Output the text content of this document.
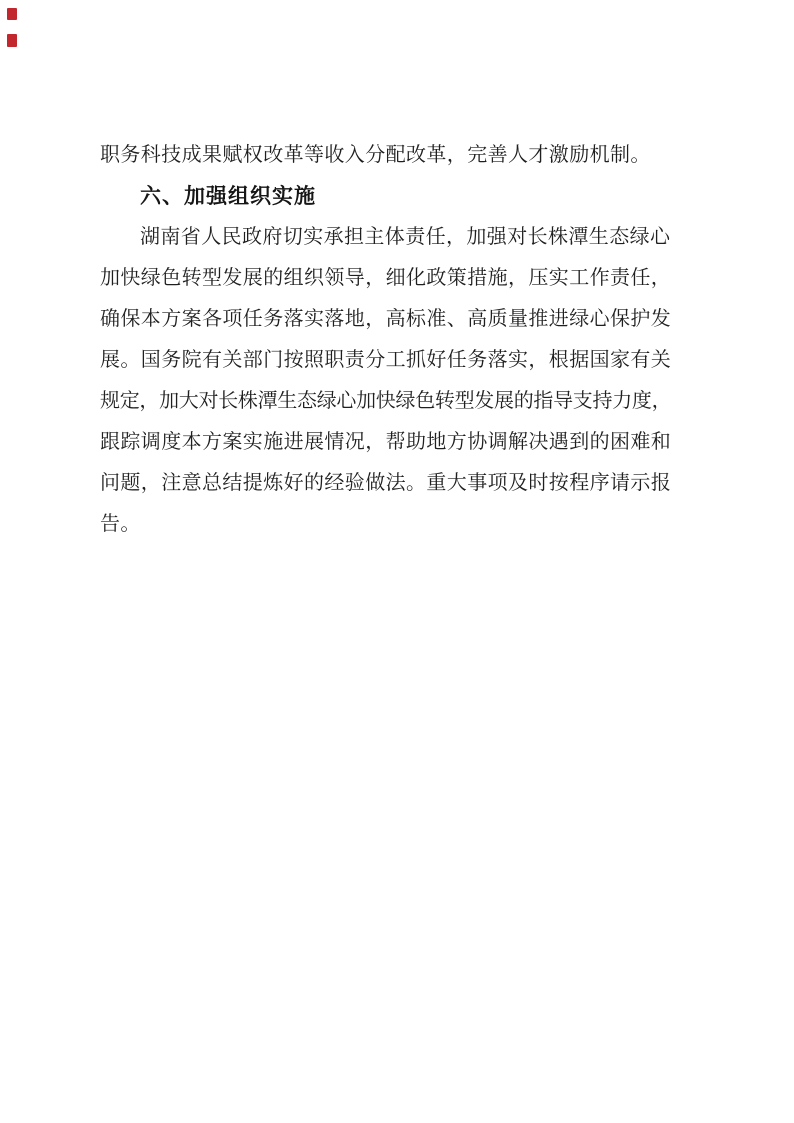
职务科技成果赋权改革等收入分配改革，完善人才激励机制。
六、加强组织实施
湖南省人民政府切实承担主体责任，加强对长株潭生态绿心
加快绿色转型发展的组织领导，细化政策措施，压实工作责任，
确保本方案各项任务落实落地，高标准、高质量推进绿心保护发
展。国务院有关部门按照职责分工抓好任务落实，根据国家有关
规定，加大对长株潭生态绿心加快绿色转型发展的指导支持力度，
跟踪调度本方案实施进展情况，帮助地方协调解决遇到的困难和
问题，注意总结提炼好的经验做法。重大事项及时按程序请示报
告。
